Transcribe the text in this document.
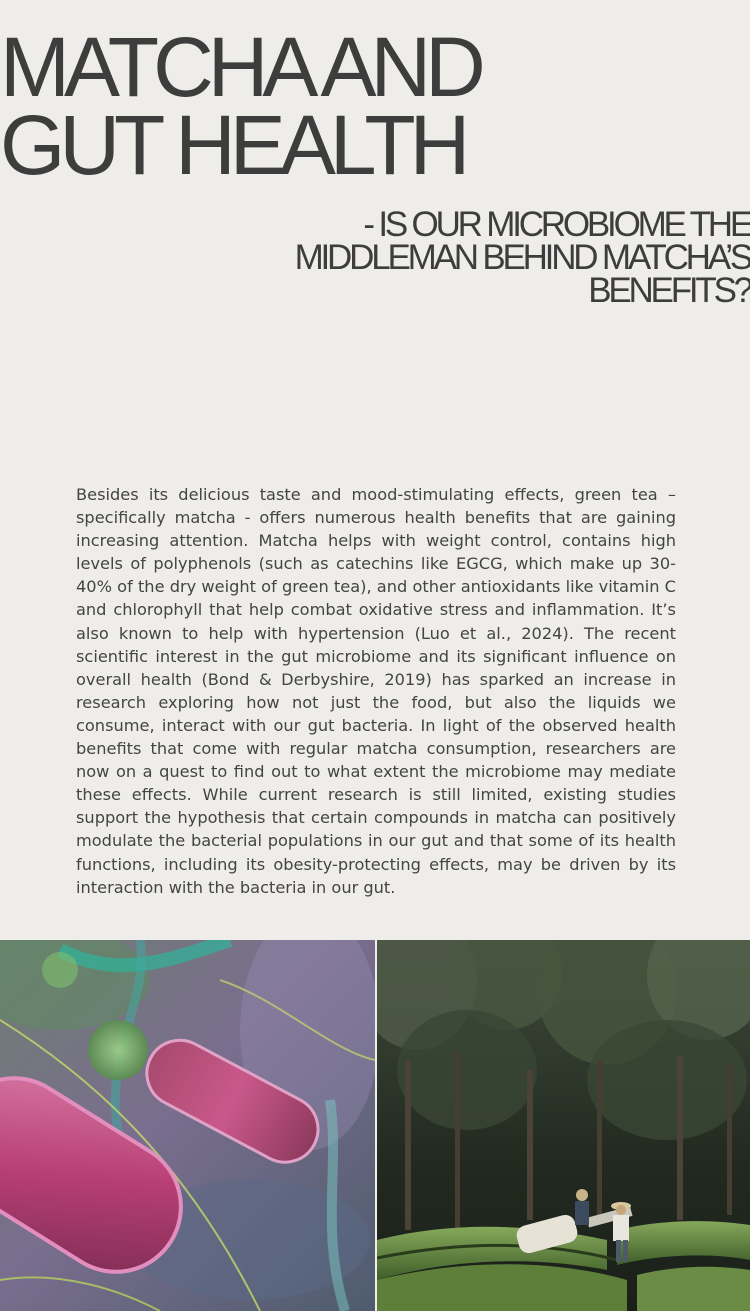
MATCHA AND
GUT HEALTH
- IS OUR MICROBIOME THE
MIDDLEMAN BEHIND MATCHA’S
BENEFITS?

Besides its delicious taste and mood-stimulating effects, green tea – specifically matcha - offers numerous health benefits that are gaining increasing attention. Matcha helps with weight control, contains high levels of polyphenols (such as catechins like EGCG, which make up 30-40% of the dry weight of green tea), and other antioxidants like vitamin C and chlorophyll that help combat oxidative stress and inflammation. It’s also known to help with hypertension (Luo et al., 2024). The recent scientific interest in the gut microbiome and its significant influence on overall health (Bond & Derbyshire, 2019) has sparked an increase in research exploring how not just the food, but also the liquids we consume, interact with our gut bacteria. In light of the observed health benefits that come with regular matcha consumption, researchers are now on a quest to find out to what extent the microbiome may mediate these effects. While current research is still limited, existing studies support the hypothesis that certain compounds in matcha can positively modulate the bacterial populations in our gut and that some of its health functions, including its obesity-protecting effects, may be driven by its interaction with the bacteria in our gut.
